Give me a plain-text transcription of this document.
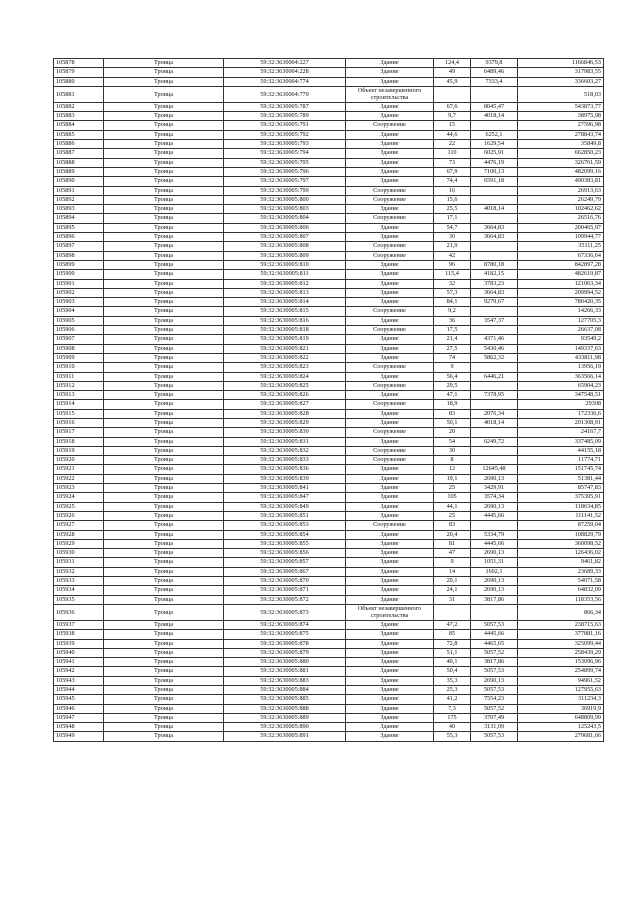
105878	Троица	59:32:3630004:227	Здание	124,4	9379,8	1166846,53
105879	Троица	59:32:3630004:228	Здание	49	6489,46	317983,55
105880	Троица	59:32:3630004:774	Здание	45,9	7333,4	336603,27
105881	Троица	59:32:3630004:779	Объект незавершенного строительства			518,03
105882	Троица	59:32:3630005:787	Здание	67,6	8045,47	543873,77
105883	Троица	59:32:3630005:789	Здание	9,7	4018,14	38975,98
105884	Троица	59:32:3630005:791	Сооружение	15		27596,98
105885	Троица	59:32:3630005:792	Здание	44,6	6252,1	278843,74
105886	Троица	59:32:3630005:793	Здание	22	1629,54	35849,8
105887	Троица	59:32:3630005:794	Здание	110	6025,91	662850,23
105888	Троица	59:32:3630005:795	Здание	73	4476,19	326761,59
105889	Троица	59:32:3630005:796	Здание	67,9	7100,13	482099,16
105890	Троица	59:32:3630005:797	Здание	74,4	6591,18	490383,81
105891	Троица	59:32:3630005:799	Сооружение	16		26913,63
105892	Троица	59:32:3630005:800	Сооружение	15,6		26249,79
105893	Троица	59:32:3630005:803	Здание	25,5	4018,14	102462,62
105894	Троица	59:32:3630005:804	Сооружение	17,1		26516,76
105895	Троица	59:32:3630005:806	Здание	54,7	3664,83	200465,97
105896	Троица	59:32:3630005:807	Здание	30	3664,83	109944,77
105897	Троица	59:32:3630005:808	Сооружение	21,9		35111,25
105898	Троица	59:32:3630005:809	Сооружение	42		67336,64
105899	Троица	59:32:3630005:810	Здание	96	8780,18	842897,28
105900	Троица	59:32:3630005:811	Здание	115,4	4182,15	482619,87
105901	Троица	59:32:3630005:812	Здание	32	3783,23	121063,34
105902	Троица	59:32:3630005:813	Здание	57,3	3664,83	209994,52
105903	Троица	59:32:3630005:814	Здание	84,1	9279,67	780420,35
105904	Троица	59:32:3630005:815	Сооружение	9,2		14266,33
105905	Троица	59:32:3630005:816	Здание	36	3547,37	127705,3
105906	Троица	59:32:3630005:818	Сооружение	17,5		26637,08
105907	Троица	59:32:3630005:819	Здание	21,4	4371,46	93549,2
105908	Троица	59:32:3630005:821	Здание	27,5	5430,46	149337,63
105909	Троица	59:32:3630005:822	Здание	74	5862,32	433811,98
105910	Троица	59:32:3630005:823	Сооружение	9		13956,19
105911	Троица	59:32:3630005:824	Здание	56,4	6446,21	363566,14
105912	Троица	59:32:3630005:825	Сооружение	29,5		65904,23
105913	Троица	59:32:3630005:826	Здание	47,1	7378,95	347548,51
105914	Троица	59:32:3630005:827	Сооружение	18,9		29308
105915	Троица	59:32:3630005:828	Здание	83	2076,34	172336,6
105916	Троица	59:32:3630005:829	Здание	50,1	4018,14	201308,91
105917	Троица	59:32:3630005:830	Сооружение	20		24167,7
105918	Троица	59:32:3630005:831	Здание	54	6249,72	337485,09
105919	Троица	59:32:3630005:832	Сооружение	30		44155,18
105920	Троица	59:32:3630005:833	Сооружение	8		11774,71
105921	Троица	59:32:3630005:836	Здание	12	12645,48	151745,74
105922	Троица	59:32:3630005:839	Здание	19,1	2690,13	51381,44
105923	Троица	59:32:3630005:841	Здание	25	3429,91	85747,83
105924	Троица	59:32:3630005:847	Здание	105	3574,34	375305,91
105925	Троица	59:32:3630005:849	Здание	44,1	2690,13	118634,85
105926	Троица	59:32:3630005:851	Здание	25	4445,66	111141,52
105927	Троица	59:32:3630005:853	Сооружение	83		87259,04
105928	Троица	59:32:3630005:854	Здание	20,4	5334,79	108829,79
105929	Троица	59:32:3630005:855	Здание	81	4445,66	360098,52
105930	Троица	59:32:3630005:856	Здание	47	2690,13	126436,02
105931	Троица	59:32:3630005:857	Здание	9	1051,31	9461,82
105932	Троица	59:32:3630005:867	Здание	14	1692,1	23689,33
105933	Троица	59:32:3630005:870	Здание	20,1	2690,13	54071,58
105934	Троица	59:32:3630005:871	Здание	24,1	2690,13	64832,09
105935	Троица	59:32:3630005:872	Здание	31	3817,86	118353,56
105936	Троица	59:32:3630005:873	Объект незавершенного строительства			866,34
105937	Троица	59:32:3630005:874	Здание	47,2	5057,53	238715,63
105938	Троица	59:32:3630005:875	Здание	85	4445,66	377881,16
105939	Троица	59:32:3630005:878	Здание	72,8	4465,65	325099,44
105940	Троица	59:32:3630005:879	Здание	51,1	5057,52	258439,29
105941	Троица	59:32:3630005:880	Здание	40,1	3817,86	153096,96
105942	Троица	59:32:3630005:881	Здание	50,4	5057,53	254899,74
105943	Троица	59:32:3630005:883	Здание	35,3	2690,13	94961,52
105944	Троица	59:32:3630005:884	Здание	25,3	5057,53	127955,63
105945	Троица	59:32:3630005:885	Здание	41,2	7554,23	311234,3
105946	Троица	59:32:3630005:888	Здание	7,3	5057,52	36919,9
105947	Троица	59:32:3630005:889	Здание	175	3707,49	648809,99
105948	Троица	59:32:3630005:890	Здание	40	3131,09	125243,5
105949	Троица	59:32:3630005:891	Здание	55,3	5057,53	279681,66
